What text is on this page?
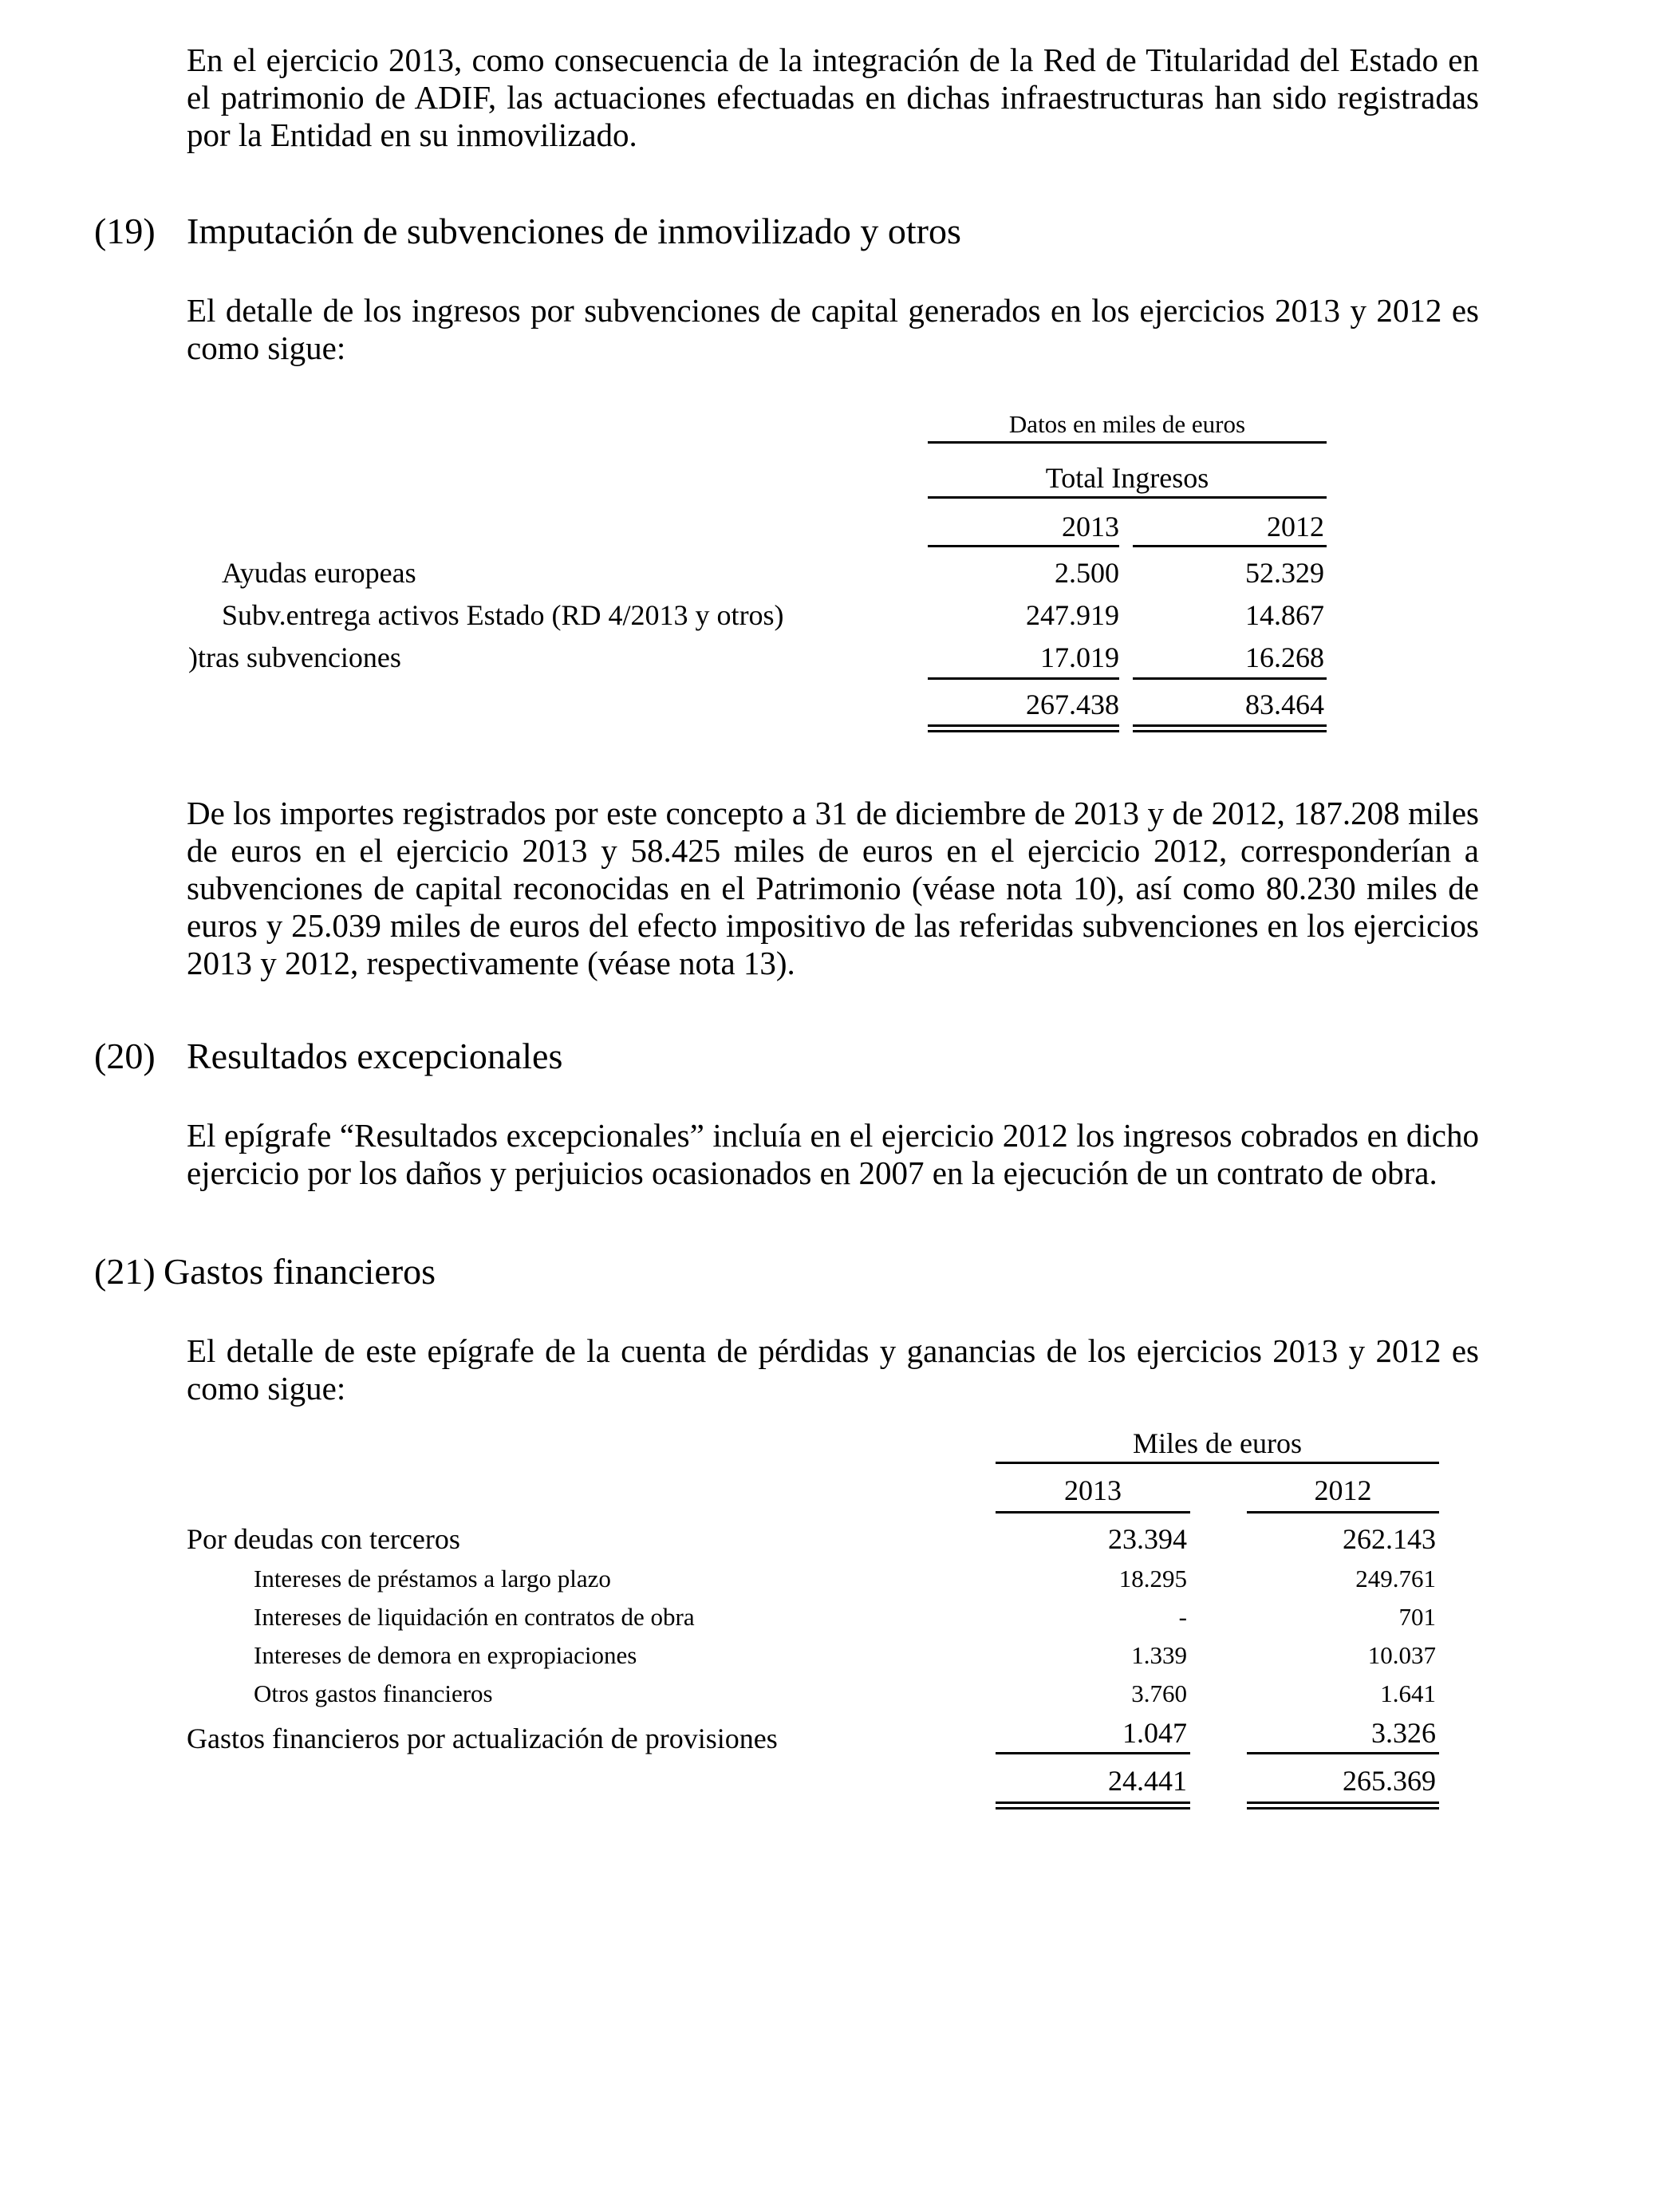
En el ejercicio 2013, como consecuencia de la integración de la Red de Titularidad del Estado en el patrimonio de ADIF, las actuaciones efectuadas en dichas infraestructuras han sido registradas por la Entidad en su inmovilizado.

(19) Imputación de subvenciones de inmovilizado y otros

El detalle de los ingresos por subvenciones de capital generados en los ejercicios 2013 y 2012 es como sigue:

Datos en miles de euros
Total Ingresos
2013	2012
Ayudas europeas	2.500	52.329
Subv.entrega activos Estado (RD 4/2013 y otros)	247.919	14.867
)tras subvenciones	17.019	16.268
267.438	83.464

De los importes registrados por este concepto a 31 de diciembre de 2013 y de 2012, 187.208 miles de euros en el ejercicio 2013 y 58.425 miles de euros en el ejercicio 2012, corresponderían a subvenciones de capital reconocidas en el Patrimonio (véase nota 10), así como 80.230 miles de euros y 25.039 miles de euros del efecto impositivo de las referidas subvenciones en los ejercicios 2013 y 2012, respectivamente (véase nota 13).

(20) Resultados excepcionales

El epígrafe “Resultados excepcionales” incluía en el ejercicio 2012 los ingresos cobrados en dicho ejercicio por los daños y perjuicios ocasionados en 2007 en la ejecución de un contrato de obra.

(21) Gastos financieros

El detalle de este epígrafe de la cuenta de pérdidas y ganancias de los ejercicios 2013 y 2012 es como sigue:

Miles de euros
2013	2012
Por deudas con terceros	23.394	262.143
Intereses de préstamos a largo plazo	18.295	249.761
Intereses de liquidación en contratos de obra	-	701
Intereses de demora en expropiaciones	1.339	10.037
Otros gastos financieros	3.760	1.641
Gastos financieros por actualización de provisiones	1.047	3.326
24.441	265.369
